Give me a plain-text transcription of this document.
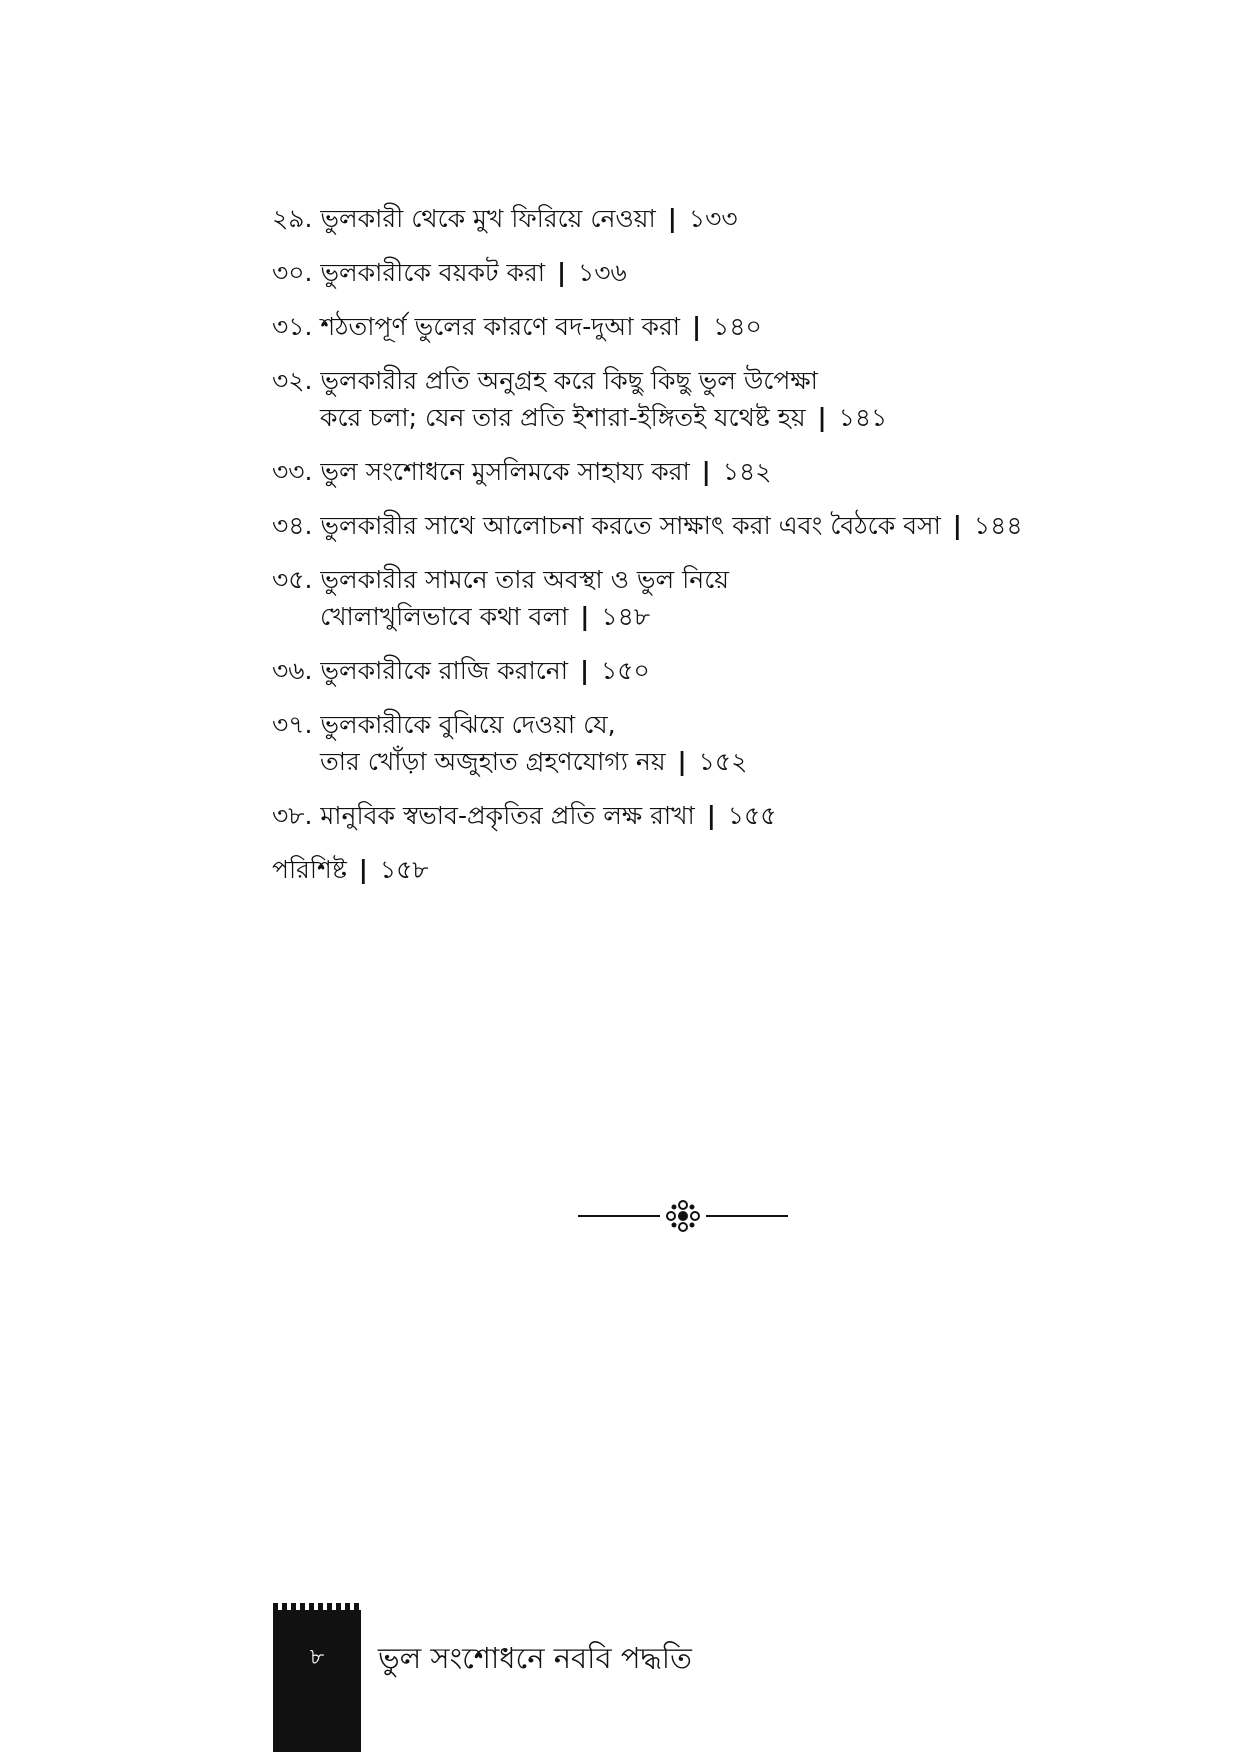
২৯. ভুলকারী থেকে মুখ ফিরিয়ে নেওয়া | ১৩৩
৩০. ভুলকারীকে বয়কট করা | ১৩৬
৩১. শঠতাপূর্ণ ভুলের কারণে বদ-দুআ করা | ১৪০
৩২. ভুলকারীর প্রতি অনুগ্রহ করে কিছু কিছু ভুল উপেক্ষা
করে চলা; যেন তার প্রতি ইশারা-ইঙ্গিতই যথেষ্ট হয় | ১৪১
৩৩. ভুল সংশোধনে মুসলিমকে সাহায্য করা | ১৪২
৩৪. ভুলকারীর সাথে আলোচনা করতে সাক্ষাৎ করা এবং বৈঠকে বসা | ১৪৪
৩৫. ভুলকারীর সামনে তার অবস্থা ও ভুল নিয়ে
খোলাখুলিভাবে কথা বলা | ১৪৮
৩৬. ভুলকারীকে রাজি করানো | ১৫০
৩৭. ভুলকারীকে বুঝিয়ে দেওয়া যে,
তার খোঁড়া অজুহাত গ্রহণযোগ্য নয় | ১৫২
৩৮. মানুবিক স্বভাব-প্রকৃতির প্রতি লক্ষ রাখা | ১৫৫
পরিশিষ্ট | ১৫৮
৮	ভুল সংশোধনে নববি পদ্ধতি
